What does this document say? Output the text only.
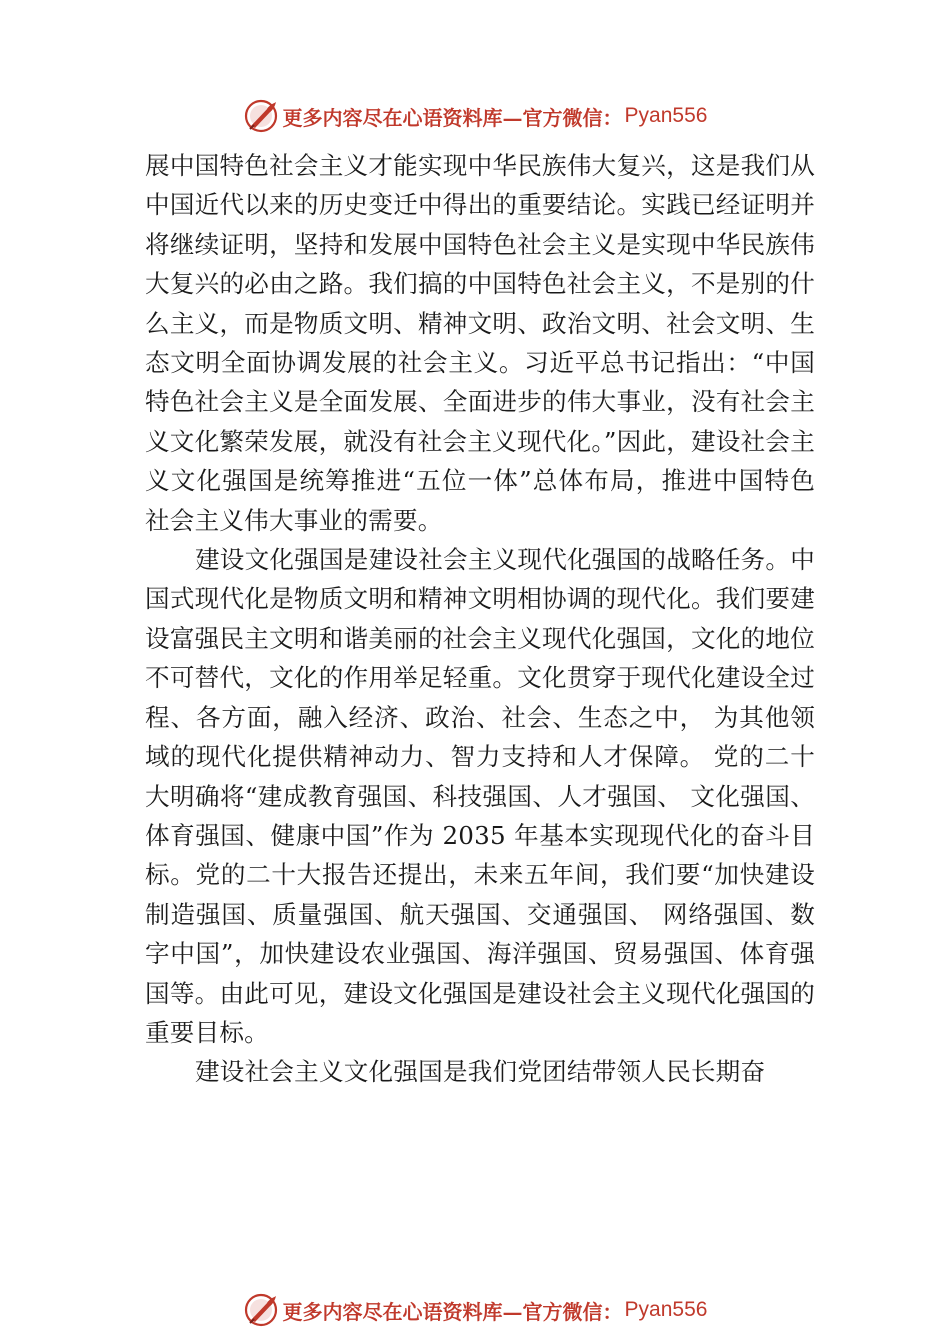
更多内容尽在心语资料库—官方微信： Pyan556

展中国特色社会主义才能实现中华民族伟大复兴，这是我们从中国近代以来的历史变迁中得出的重要结论。实践已经证明并将继续证明，坚持和发展中国特色社会主义是实现中华民族伟大复兴的必由之路。我们搞的中国特色社会主义，不是别的什么主义，而是物质文明、精神文明、政治文明、社会文明、生态文明全面协调发展的社会主义。习近平总书记指出：“中国特色社会主义是全面发展、全面进步的伟大事业，没有社会主义文化繁荣发展，就没有社会主义现代化。”因此，建设社会主义文化强国是统筹推进“五位一体”总体布局，推进中国特色社会主义伟大事业的需要。

建设文化强国是建设社会主义现代化强国的战略任务。中国式现代化是物质文明和精神文明相协调的现代化。我们要建设富强民主文明和谐美丽的社会主义现代化强国，文化的地位不可替代，文化的作用举足轻重。文化贯穿于现代化建设全过程、各方面，融入经济、政治、社会、生态之中， 为其他领域的现代化提供精神动力、智力支持和人才保障。 党的二十大明确将“建成教育强国、科技强国、人才强国、 文化强国、体育强国、健康中国”作为 2035 年基本实现现代化的奋斗目标。党的二十大报告还提出，未来五年间，我们要“加快建设制造强国、质量强国、航天强国、交通强国、 网络强国、数字中国”，加快建设农业强国、海洋强国、贸易强国、体育强国等。由此可见，建设文化强国是建设社会主义现代化强国的重要目标。

建设社会主义文化强国是我们党团结带领人民长期奋

更多内容尽在心语资料库—官方微信： Pyan556
